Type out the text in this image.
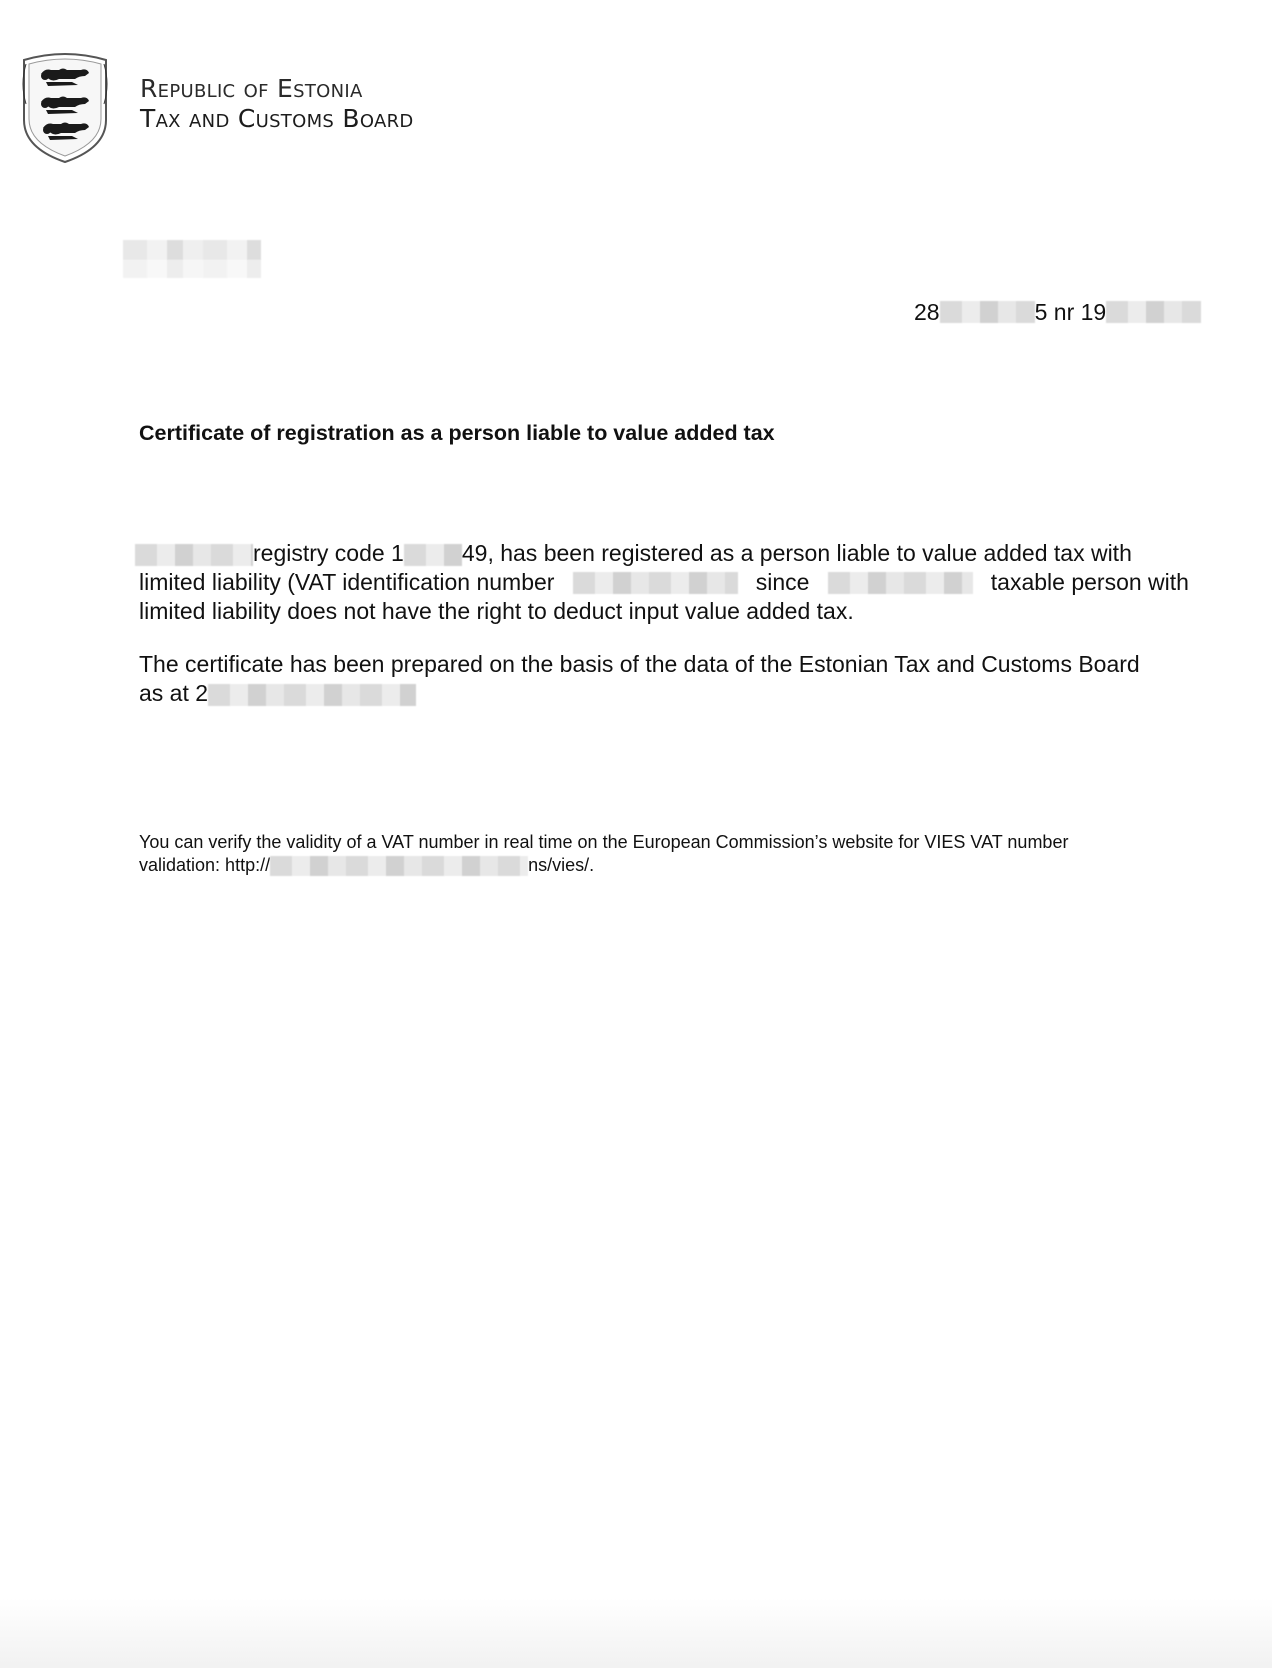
Republic of Estonia
Tax and Customs Board
28	5 nr 19
Certificate of registration as a person liable to value added tax
registry code 1	49, has been registered as a person liable to value added tax with
limited liability (VAT identification number	since	taxable person with
limited liability does not have the right to deduct input value added tax.
The certificate has been prepared on the basis of the data of the Estonian Tax and Customs Board
as at 2
You can verify the validity of a VAT number in real time on the European Commission’s website for VIES VAT number
validation: http://	ns/vies/.
